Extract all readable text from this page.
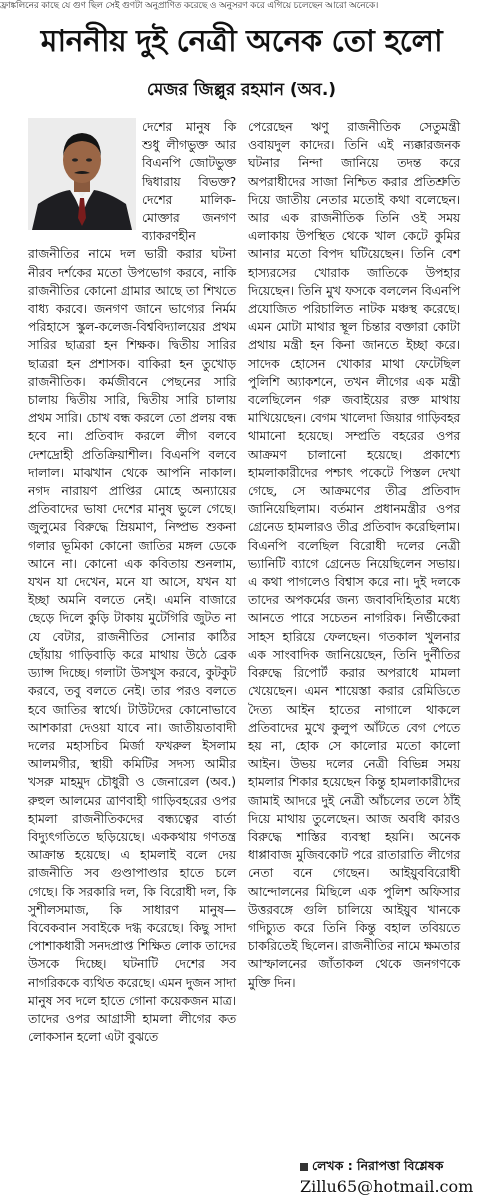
ফ্রাঙ্কলিনের কাছে যে গুণ ছিল সেই গুণটা অনুপ্রাণিত করেছে ও অনুসরণ করে এগিয়ে চলেছেন আরো অনেকে।
মাননীয় দুই নেত্রী অনেক তো হলো
মেজর জিল্লুর রহমান (অব.)

দেশের মানুষ কি শুধু লীগভুক্ত আর বিএনপি জোটভুক্ত দ্বিধারায় বিভক্ত? দেশের মালিক-মোক্তার জনগণ ব্যাকরণহীন রাজনীতির নামে দল ভারী করার ঘটনা নীরব দর্শকের মতো উপভোগ করবে, নাকি রাজনীতির কোনো গ্রামার আছে তা শিখতে বাধ্য করবে। জনগণ জানে ভাগ্যের নির্মম পরিহাসে স্কুল-কলেজ-বিশ্ববিদ্যালয়ের প্রথম সারির ছাত্ররা হন শিক্ষক। দ্বিতীয় সারির ছাত্ররা হন প্রশাসক। বাকিরা হন তুখোড় রাজনীতিক। কর্মজীবনে পেছনের সারি চালায় দ্বিতীয় সারি, দ্বিতীয় সারি চালায় প্রথম সারি। চোখ বন্ধ করলে তো প্রলয় বন্ধ হবে না। প্রতিবাদ করলে লীগ বলবে দেশদ্রোহী প্রতিক্রিয়াশীল। বিএনপি বলবে দালাল। মাঝখান থেকে আপনি নাকাল। নগদ নারায়ণ প্রাপ্তির মোহে অন্যায়ের প্রতিবাদের ভাষা দেশের মানুষ ভুলে গেছে। জুলুমের বিরুদ্ধে ম্রিয়মাণ, নিষ্প্রভ শুকনা গলার ভূমিকা কোনো জাতির মঙ্গল ডেকে আনে না। কোনো এক কবিতায় শুনলাম, যখন যা দেখেন, মনে যা আসে, যখন যা ইচ্ছা অমনি বলতে নেই। এমনি বাজারে ছেড়ে দিলে কুড়ি টাকায় মুটেগিরি জুটত না যে বেটার, রাজনীতির সোনার কাঠির ছোঁয়ায় গাড়িবাড়ি করে মাথায় উঠে ব্রেক ড্যান্স দিচ্ছে। গলাটা উসখুস করবে, কুটকুট করবে, তবু বলতে নেই। তার পরও বলতে হবে জাতির স্বার্থে। টাউটদের কোনোভাবে আশকারা দেওয়া যাবে না। জাতীয়তাবাদী দলের মহাসচিব মির্জা ফখরুল ইসলাম আলমগীর, স্থায়ী কমিটির সদস্য আমীর খসরু মাহমুদ চৌধুরী ও জেনারেল (অব.) রুহুল আলমের ত্রাণবাহী গাড়িবহরের ওপর হামলা রাজনীতিকদের বন্ধ্যত্বের বার্তা বিদ্যুৎগতিতে ছড়িয়েছে। এককথায় গণতন্ত্র আক্রান্ত হয়েছে। এ হামলাই বলে দেয় রাজনীতি সব গুণ্ডাপাণ্ডার হাতে চলে গেছে। কি সরকারি দল, কি বিরোধী দল, কি সুশীলসমাজ, কি সাধারণ মানুষ— বিবেকবান সবাইকে দগ্ধ করেছে। কিছু সাদা পোশাকধারী সনদপ্রাপ্ত শিক্ষিত লোক তাদের উসকে দিচ্ছে। ঘটনাটি দেশের সব নাগরিককে ব্যথিত করেছে। এমন দুজন সাদা মানুষ সব দলে হাতে গোনা কয়েকজন মাত্র। তাদের ওপর আগ্রাসী হামলা লীগের কত লোকসান হলো এটা বুঝতে

পেরেছেন ঋণু রাজনীতিক সেতুমন্ত্রী ওবায়দুল কাদের। তিনি এই ন্যক্কারজনক ঘটনার নিন্দা জানিয়ে তদন্ত করে অপরাধীদের সাজা নিশ্চিত করার প্রতিশ্রুতি দিয়ে জাতীয় নেতার মতোই কথা বলেছেন। আর এক রাজনীতিক তিনি ওই সময় এলাকায় উপস্থিত থেকে খাল কেটে কুমির আনার মতো বিপদ ঘটিয়েছেন। তিনি বেশ হাস্যরসের খোরাক জাতিকে উপহার দিয়েছেন। তিনি মুখ ফসকে বললেন বিএনপি প্রযোজিত পরিচালিত নাটক মঞ্চস্থ করেছে। এমন মোটা মাথার স্থূল চিন্তার বক্তারা কোটা প্রথায় মন্ত্রী হন কিনা জানতে ইচ্ছা করে। সাদেক হোসেন খোকার মাথা ফেটেছিল পুলিশি অ্যাকশনে, তখন লীগের এক মন্ত্রী বলেছিলেন গরু জবাইয়ের রক্ত মাথায় মাখিয়েছেন। বেগম খালেদা জিয়ার গাড়িবহর থামানো হয়েছে। সম্প্রতি বহরের ওপর আক্রমণ চালানো হয়েছে। প্রকাশ্যে হামলাকারীদের পশ্চাৎ পকেটে পিস্তল দেখা গেছে, সে আক্রমণের তীব্র প্রতিবাদ জানিয়েছিলাম। বর্তমান প্রধানমন্ত্রীর ওপর গ্রেনেড হামলারও তীব্র প্রতিবাদ করেছিলাম। বিএনপি বলেছিল বিরোধী দলের নেত্রী ভ্যানিটি ব্যাগে গ্রেনেড নিয়েছিলেন সভায়। এ কথা পাগলেও বিশ্বাস করে না। দুই দলকে তাদের অপকর্মের জন্য জবাবদিহিতার মধ্যে আনতে পারে সচেতন নাগরিক। নির্ভীকেরা সাহস হারিয়ে ফেলছেন। গতকাল খুলনার এক সাংবাদিক জানিয়েছেন, তিনি দুর্নীতির বিরুদ্ধে রিপোর্ট করার অপরাধে মামলা খেয়েছেন। এমন শায়েস্তা করার রেমিডিতে দৈত্য আইন হাতের নাগালে থাকলে প্রতিবাদের মুখে কুলুপ আঁটতে বেগ পেতে হয় না, হোক সে কালোর মতো কালো আইন। উভয় দলের নেত্রী বিভিন্ন সময় হামলার শিকার হয়েছেন কিন্তু হামলাকারীদের জামাই আদরে দুই নেত্রী আঁচলের তলে ঠাঁই দিয়ে মাথায় তুলেছেন। আজ অবধি কারও বিরুদ্ধে শাস্তির ব্যবস্থা হয়নি। অনেক ধাপ্পাবাজ মুজিবকোট পরে রাতারাতি লীগের নেতা বনে গেছেন। আইয়ুববিরোধী আন্দোলনের মিছিলে এক পুলিশ অফিসার উত্তরবঙ্গে গুলি চালিয়ে আইয়ুব খানকে গদিচ্যুত করে তিনি কিন্তু বহাল তবিয়তে চাকরিতেই ছিলেন। রাজনীতির নামে ক্ষমতার আস্ফালনের জাঁতাকল থেকে জনগণকে মুক্তি দিন।

লেখক : নিরাপত্তা বিশ্লেষক
Zillu65@hotmail.com
